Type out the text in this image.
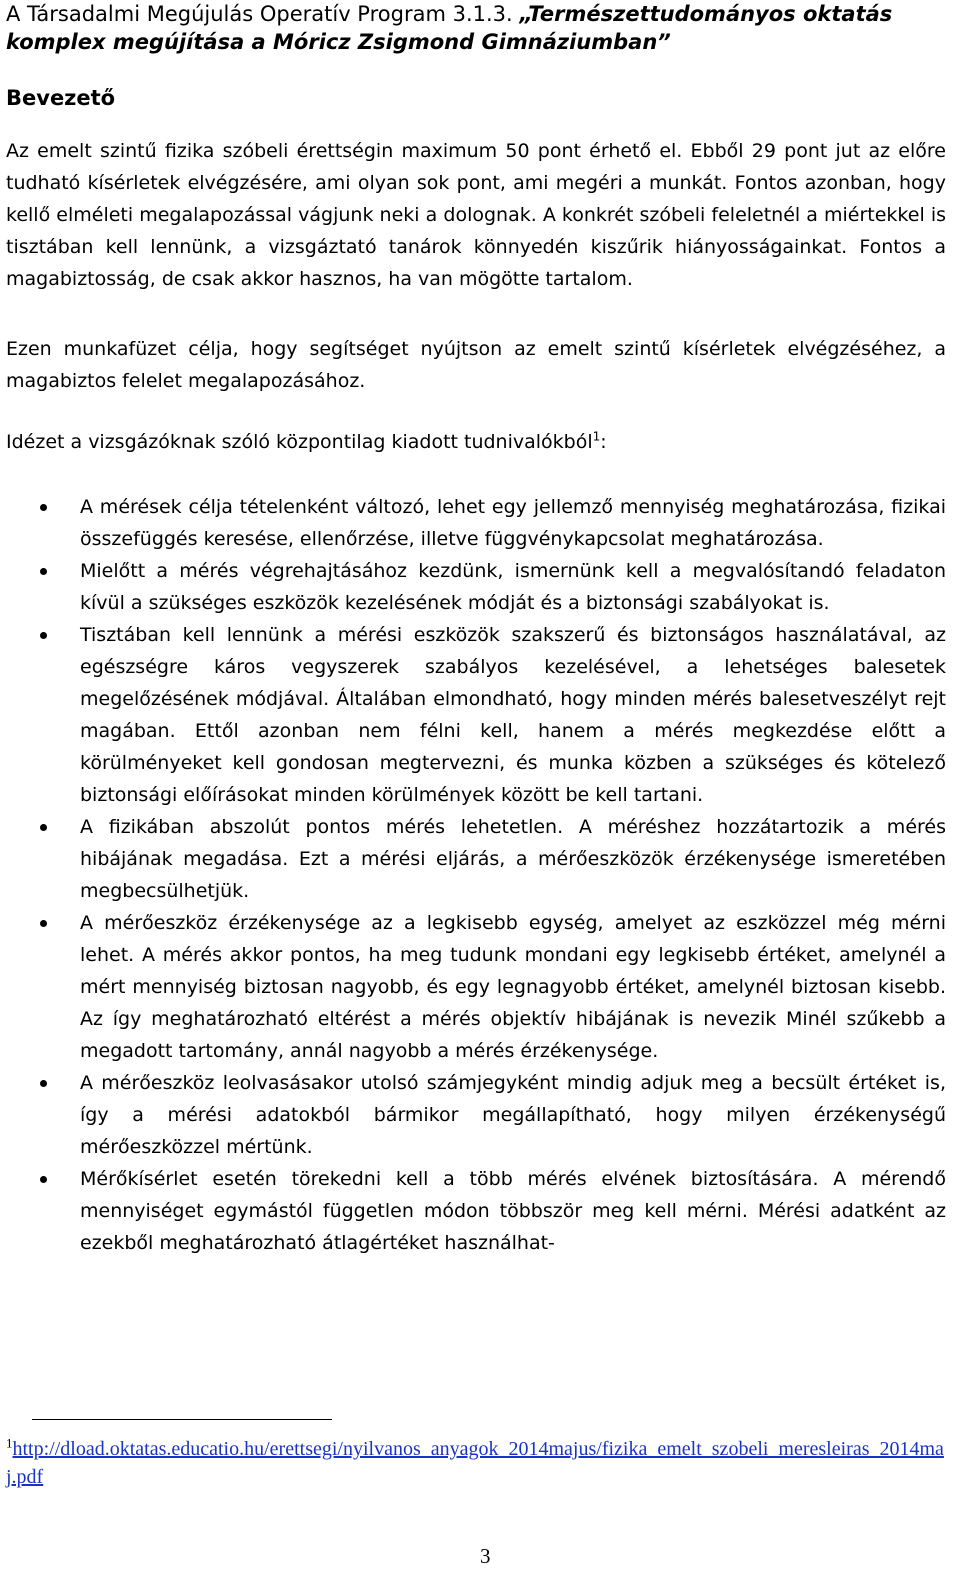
A Társadalmi Megújulás Operatív Program 3.1.3. „Természettudományos oktatás komplex megújítása a Móricz Zsigmond Gimnáziumban”
Bevezető

Az emelt szintű fizika szóbeli érettségin maximum 50 pont érhető el. Ebből 29 pont jut az előre tudható kísérletek elvégzésére, ami olyan sok pont, ami megéri a munkát. Fontos azonban, hogy kellő elméleti megalapozással vágjunk neki a dolognak. A konkrét szóbeli feleletnél a miértekkel is tisztában kell lennünk, a vizsgáztató tanárok könnyedén kiszűrik hiányosságainkat. Fontos a magabiztosság, de csak akkor hasznos, ha van mögötte tartalom.

Ezen munkafüzet célja, hogy segítséget nyújtson az emelt szintű kísérletek elvégzéséhez, a magabiztos felelet megalapozásához.

Idézet a vizsgázóknak szóló központilag kiadott tudnivalókból$^1$:

A mérések célja tételenként változó, lehet egy jellemző mennyiség meghatározása, fizikai összefüggés keresése, ellenőrzése, illetve függvénykapcsolat meghatározása.
Mielőtt a mérés végrehajtásához kezdünk, ismernünk kell a megvalósítandó feladaton kívül a szükséges eszközök kezelésének módját és a biztonsági szabályokat is.
Tisztában kell lennünk a mérési eszközök szakszerű és biztonságos használatával, az egészségre káros vegyszerek szabályos kezelésével, a lehetséges balesetek megelőzésének módjával. Általában elmondható, hogy minden mérés balesetveszélyt rejt magában. Ettől azonban nem félni kell, hanem a mérés megkezdése előtt a körülményeket kell gondosan megtervezni, és munka közben a szükséges és kötelező biztonsági előírásokat minden körülmények között be kell tartani.
A fizikában abszolút pontos mérés lehetetlen. A méréshez hozzátartozik a mérés hibájának megadása. Ezt a mérési eljárás, a mérőeszközök érzékenysége ismeretében megbecsülhetjük.
A mérőeszköz érzékenysége az a legkisebb egység, amelyet az eszközzel még mérni lehet. A mérés akkor pontos, ha meg tudunk mondani egy legkisebb értéket, amelynél a mért mennyiség biztosan nagyobb, és egy legnagyobb értéket, amelynél biztosan kisebb. Az így meghatározható eltérést a mérés objektív hibájának is nevezik Minél szűkebb a megadott tartomány, annál nagyobb a mérés érzékenysége.
A mérőeszköz leolvasásakor utolsó számjegyként mindig adjuk meg a becsült értéket is, így a mérési adatokból bármikor megállapítható, hogy milyen érzékenységű mérőeszközzel mértünk.
Mérőkísérlet esetén törekedni kell a több mérés elvének biztosítására. A mérendő mennyiséget egymástól független módon többször meg kell mérni. Mérési adatként az ezekből meghatározható átlagértéket használhat-
$^1$http://dload.oktatas.educatio.hu/erettsegi/nyilvanos_anyagok_2014majus/fizika_emelt_szobeli_meresleiras_2014maj.pdf
3
